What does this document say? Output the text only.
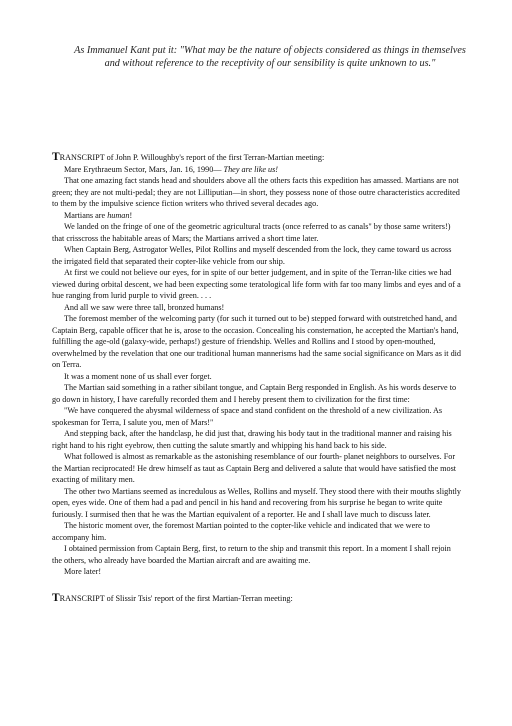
As Immanuel Kant put it: "What may be the nature of objects considered as things in themselves and without reference to the receptivity of our sensibility is quite unknown to us."

TRANSCRIPT of John P. Willoughby's report of the first Terran-Martian meeting:

Mare Erythraeum Sector, Mars, Jan. 16, 1990— They are like us!

That one amazing fact stands head and shoulders above all the others facts this expedition has amassed. Martians are not green; they are not multi-pedal; they are not Lilliputian—in short, they possess none of those outre characteristics accredited to them by the impulsive science fiction writers who thrived several decades ago.

Martians are human!

We landed on the fringe of one of the geometric agricultural tracts (once referred to as canals" by those same writers!) that crisscross the habitable areas of Mars; the Martians arrived a short time later.

When Captain Berg, Astrogator Welles, Pilot Rollins and myself descended from the lock, they came toward us across the irrigated field that separated their copter-like vehicle from our ship.

At first we could not believe our eyes, for in spite of our better judgement, and in spite of the Terran-like cities we had viewed during orbital descent, we had been expecting some teratological life form with far too many limbs and eyes and of a hue ranging from lurid purple to vivid green. . . .

And all we saw were three tall, bronzed humans!

The foremost member of the welcoming party (for such it turned out to be) stepped forward with outstretched hand, and Captain Berg, capable officer that he is, arose to the occasion. Concealing his consternation, he accepted the Martian's hand, fulfilling the age-old (galaxy-wide, perhaps!) gesture of friendship. Welles and Rollins and I stood by open-mouthed, overwhelmed by the revelation that one our traditional human mannerisms had the same social significance on Mars as it did on Terra.

It was a moment none of us shall ever forget.

The Martian said something in a rather sibilant tongue, and Captain Berg responded in English. As his words deserve to go down in history, I have carefully recorded them and I hereby present them to civilization for the first time:

"We have conquered the abysmal wilderness of space and stand confident on the threshold of a new civilization. As spokesman for Terra, I salute you, men of Mars!"

And stepping back, after the handclasp, he did just that, drawing his body taut in the traditional manner and raising his right hand to his right eyebrow, then cutting the salute smartly and whipping his hand back to his side.

What followed is almost as remarkable as the astonishing resemblance of our fourth- planet neighbors to ourselves. For the Martian reciprocated! He drew himself as taut as Captain Berg and delivered a salute that would have satisfied the most exacting of military men.

The other two Martians seemed as incredulous as Welles, Rollins and myself. They stood there with their mouths slightly open, eyes wide. One of them had a pad and pencil in his hand and recovering from his surprise he began to write quite furiously. I surmised then that he was the Martian equivalent of a reporter. He and I shall lave much to discuss later.

The historic moment over, the foremost Martian pointed to the copter-like vehicle and indicated that we were to accompany him.

I obtained permission from Captain Berg, first, to return to the ship and transmit this report. In a moment I shall rejoin the others, who already have boarded the Martian aircraft and are awaiting me.

More later!

TRANSCRIPT of Slissir Tsis' report of the first Martian-Terran meeting:
